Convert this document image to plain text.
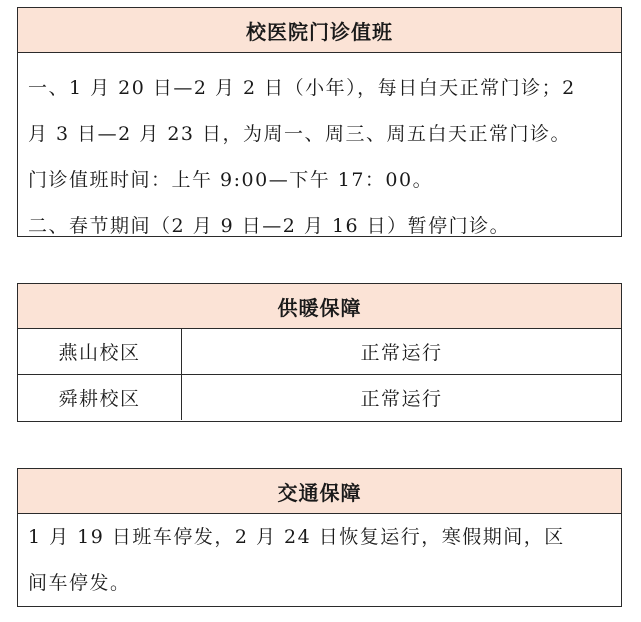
校医院门诊值班

一、1 月 20 日—2 月 2 日（小年），每日白天正常门诊；2

月 3 日—2 月 23 日，为周一、周三、周五白天正常门诊。

门诊值班时间：上午 9:00—下午 17：00。

二、春节期间（2 月 9 日—2 月 16 日）暂停门诊。

供暖保障
燕山校区	正常运行
舜耕校区	正常运行
交通保障

1 月 19 日班车停发，2 月 24 日恢复运行，寒假期间，区

间车停发。
